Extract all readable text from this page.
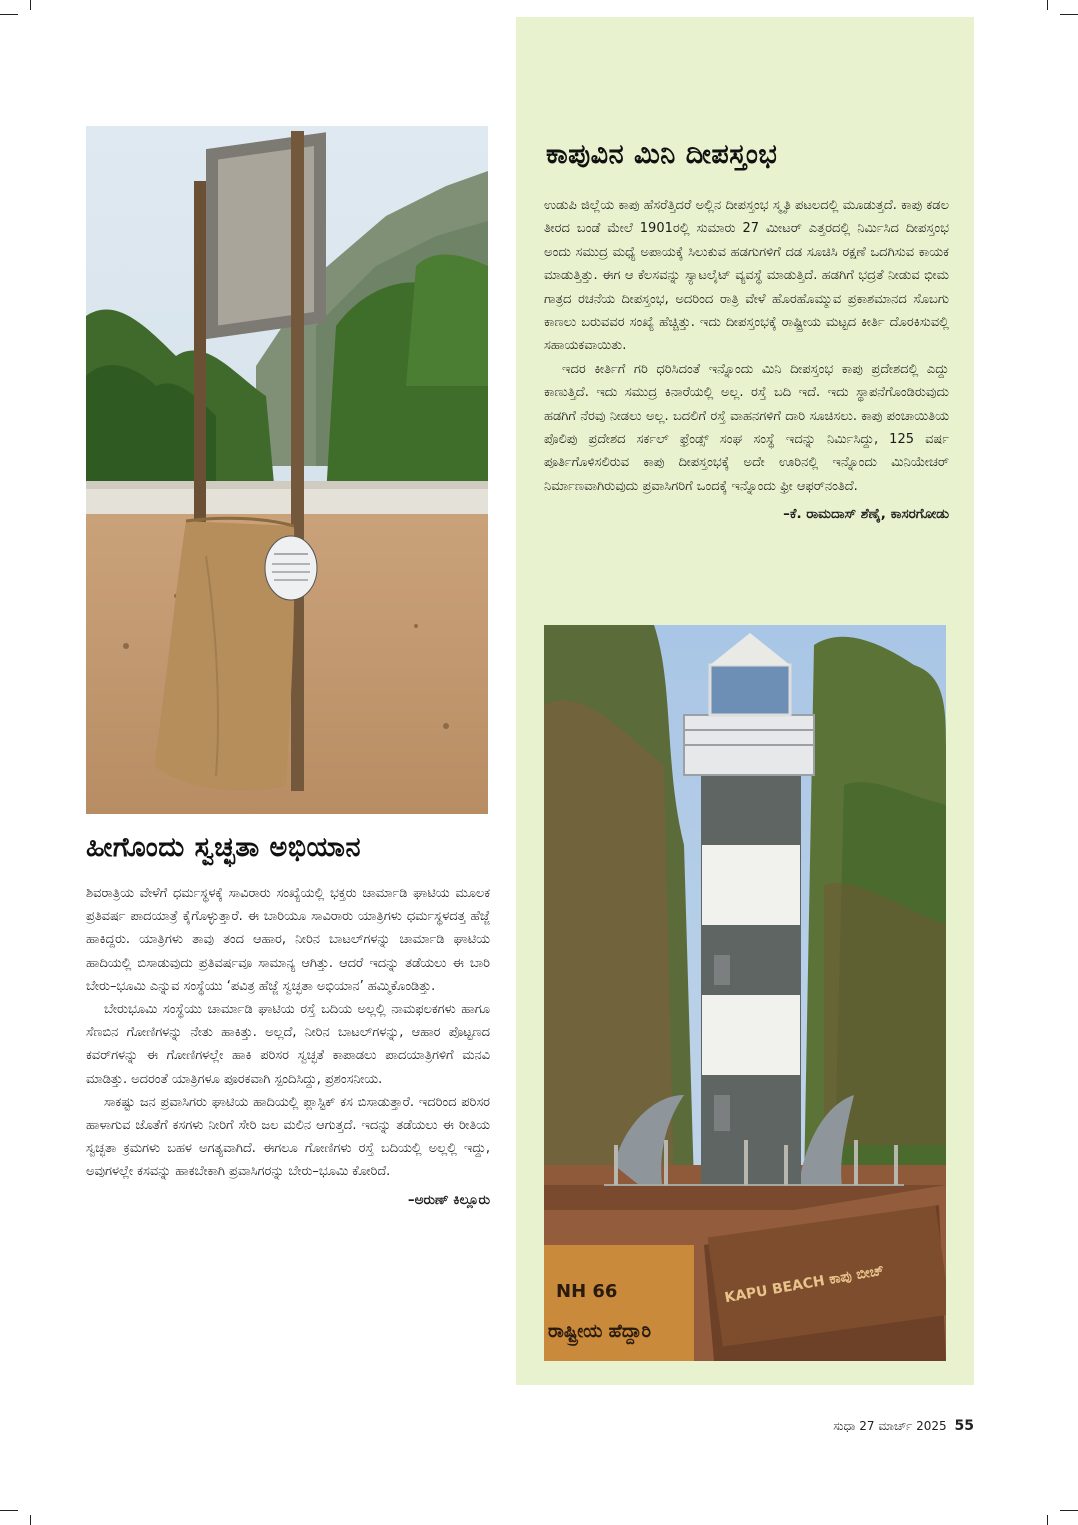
ಹೀಗೊಂದು ಸ್ವಚ್ಛತಾ ಅಭಿಯಾನ

ಶಿವರಾತ್ರಿಯ ವೇಳೆಗೆ ಧರ್ಮಸ್ಥಳಕ್ಕೆ ಸಾವಿರಾರು ಸಂಖ್ಯೆಯಲ್ಲಿ ಭಕ್ತರು ಚಾರ್ಮಾಡಿ ಘಾಟಿಯ ಮೂಲಕ ಪ್ರತಿವರ್ಷ ಪಾದಯಾತ್ರೆ ಕೈಗೊಳ್ಳುತ್ತಾರೆ. ಈ ಬಾರಿಯೂ ಸಾವಿರಾರು ಯಾತ್ರಿಗಳು ಧರ್ಮಸ್ಥಳದತ್ತ ಹೆಜ್ಜೆ ಹಾಕಿದ್ದರು. ಯಾತ್ರಿಗಳು ತಾವು ತಂದ ಆಹಾರ, ನೀರಿನ ಬಾಟಲ್‌ಗಳನ್ನು ಚಾರ್ಮಾಡಿ ಘಾಟಿಯ ಹಾದಿಯಲ್ಲಿ ಬಿಸಾಡುವುದು ಪ್ರತಿವರ್ಷವೂ ಸಾಮಾನ್ಯ ಆಗಿತ್ತು. ಆದರೆ ಇದನ್ನು ತಡೆಯಲು ಈ ಬಾರಿ ಬೇರು–ಭೂಮಿ ಎನ್ನುವ ಸಂಸ್ಥೆಯು ‘ಪವಿತ್ರ ಹೆಜ್ಜೆ ಸ್ವಚ್ಛತಾ ಅಭಿಯಾನ’ ಹಮ್ಮಿಕೊಂಡಿತ್ತು.

ಬೇರುಭೂಮಿ ಸಂಸ್ಥೆಯು ಚಾರ್ಮಾಡಿ ಘಾಟಿಯ ರಸ್ತೆ ಬದಿಯ ಅಲ್ಲಲ್ಲಿ ನಾಮಫಲಕಗಳು ಹಾಗೂ ಸೆಣಬಿನ ಗೋಣಿಗಳನ್ನು ನೇತು ಹಾಕಿತ್ತು. ಅಲ್ಲದೆ, ನೀರಿನ ಬಾಟಲ್‌ಗಳನ್ನು, ಆಹಾರ ಪೊಟ್ಟಣದ ಕವರ್‌ಗಳನ್ನು ಈ ಗೋಣಿಗಳಲ್ಲೇ ಹಾಕಿ ಪರಿಸರ ಸ್ವಚ್ಛತೆ ಕಾಪಾಡಲು ಪಾದಯಾತ್ರಿಗಳಿಗೆ ಮನವಿ ಮಾಡಿತ್ತು. ಅದರಂತೆ ಯಾತ್ರಿಗಳೂ ಪೂರಕವಾಗಿ ಸ್ಪಂದಿಸಿದ್ದು, ಪ್ರಶಂಸನೀಯ.

ಸಾಕಷ್ಟು ಜನ ಪ್ರವಾಸಿಗರು ಘಾಟಿಯ ಹಾದಿಯಲ್ಲಿ ಪ್ಲಾಸ್ಟಿಕ್ ಕಸ ಬಿಸಾಡುತ್ತಾರೆ. ಇದರಿಂದ ಪರಿಸರ ಹಾಳಾಗುವ ಜೊತೆಗೆ ಕಸಗಳು ನೀರಿಗೆ ಸೇರಿ ಜಲ ಮಲಿನ ಆಗುತ್ತದೆ. ಇದನ್ನು ತಡೆಯಲು ಈ ರೀತಿಯ ಸ್ವಚ್ಛತಾ ಕ್ರಮಗಳು ಬಹಳ ಅಗತ್ಯವಾಗಿದೆ. ಈಗಲೂ ಗೋಣಿಗಳು ರಸ್ತೆ ಬದಿಯಲ್ಲಿ ಅಲ್ಲಲ್ಲಿ ಇದ್ದು, ಅವುಗಳಲ್ಲೇ ಕಸವನ್ನು ಹಾಕಬೇಕಾಗಿ ಪ್ರವಾಸಿಗರನ್ನು ಬೇರು–ಭೂಮಿ ಕೋರಿದೆ.

–ಅರುಣ್ ಕಿಲ್ಲೂರು
ಕಾಪುವಿನ ಮಿನಿ ದೀಪಸ್ತಂಭ

ಉಡುಪಿ ಜಿಲ್ಲೆಯ ಕಾಪು ಹೆಸರೆತ್ತಿದರೆ ಅಲ್ಲಿನ ದೀಪಸ್ತಂಭ ಸ್ಮೃತಿ ಪಟಲದಲ್ಲಿ ಮೂಡುತ್ತದೆ. ಕಾಪು ಕಡಲ ತೀರದ ಬಂಡೆ ಮೇಲೆ 1901ರಲ್ಲಿ ಸುಮಾರು 27 ಮೀಟರ್ ಎತ್ತರದಲ್ಲಿ ನಿರ್ಮಿಸಿದ ದೀಪಸ್ತಂಭ ಅಂದು ಸಮುದ್ರ ಮಧ್ಯೆ ಅಪಾಯಕ್ಕೆ ಸಿಲುಕುವ ಹಡಗುಗಳಿಗೆ ದಡ ಸೂಚಿಸಿ ರಕ್ಷಣೆ ಒದಗಿಸುವ ಕಾಯಕ ಮಾಡುತ್ತಿತ್ತು. ಈಗ ಆ ಕೆಲಸವನ್ನು ಸ್ಯಾಟಲೈಟ್ ವ್ಯವಸ್ಥೆ ಮಾಡುತ್ತಿದೆ. ಹಡಗಿಗೆ ಭದ್ರತೆ ನೀಡುವ ಭೀಮ ಗಾತ್ರದ ರಚನೆಯ ದೀಪಸ್ತಂಭ, ಅದರಿಂದ ರಾತ್ರಿ ವೇಳೆ ಹೊರಹೊಮ್ಮುವ ಪ್ರಕಾಶಮಾನದ ಸೊಬಗು ಕಾಣಲು ಬರುವವರ ಸಂಖ್ಯೆ ಹೆಚ್ಚಿತ್ತು. ಇದು ದೀಪಸ್ತಂಭಕ್ಕೆ ರಾಷ್ಟ್ರೀಯ ಮಟ್ಟದ ಕೀರ್ತಿ ದೊರಕಿಸುವಲ್ಲಿ ಸಹಾಯಕವಾಯಿತು.

ಇದರ ಕೀರ್ತಿಗೆ ಗರಿ ಧರಿಸಿದಂತೆ ಇನ್ನೊಂದು ಮಿನಿ ದೀಪಸ್ತಂಭ ಕಾಪು ಪ್ರದೇಶದಲ್ಲಿ ಎದ್ದು ಕಾಣುತ್ತಿದೆ. ಇದು ಸಮುದ್ರ ಕಿನಾರೆಯಲ್ಲಿ ಅಲ್ಲ. ರಸ್ತೆ ಬದಿ ಇದೆ. ಇದು ಸ್ಥಾಪನೆಗೊಂಡಿರುವುದು ಹಡಗಿಗೆ ನೆರವು ನೀಡಲು ಅಲ್ಲ. ಬದಲಿಗೆ ರಸ್ತೆ ವಾಹನಗಳಿಗೆ ದಾರಿ ಸೂಚಿಸಲು. ಕಾಪು ಪಂಚಾಯಿತಿಯ ಪೊಲಿಪು ಪ್ರದೇಶದ ಸರ್ಕಲ್ ಫ್ರೆಂಡ್ಸ್ ಸಂಘ ಸಂಸ್ಥೆ ಇದನ್ನು ನಿರ್ಮಿಸಿದ್ದು, 125 ವರ್ಷ ಪೂರ್ತಿಗೊಳಿಸಲಿರುವ ಕಾಪು ದೀಪಸ್ತಂಭಕ್ಕೆ ಅದೇ ಊರಿನಲ್ಲಿ ಇನ್ನೊಂದು ಮಿನಿಯೇಚರ್ ನಿರ್ಮಾಣವಾಗಿರುವುದು ಪ್ರವಾಸಿಗರಿಗೆ ಒಂದಕ್ಕೆ ಇನ್ನೊಂದು ಫ್ರೀ ಆಫರ್‌ನಂತಿದೆ.

–ಕೆ. ರಾಮದಾಸ್ ಶೆಣೈ, ಕಾಸರಗೋಡು
KAPU BEACH ಕಾಪು ಬೀಚ್
NH 66
ರಾಷ್ಟ್ರೀಯ ಹೆದ್ದಾರಿ
ಸುಧಾ 27 ಮಾರ್ಚ್ 2025 55
